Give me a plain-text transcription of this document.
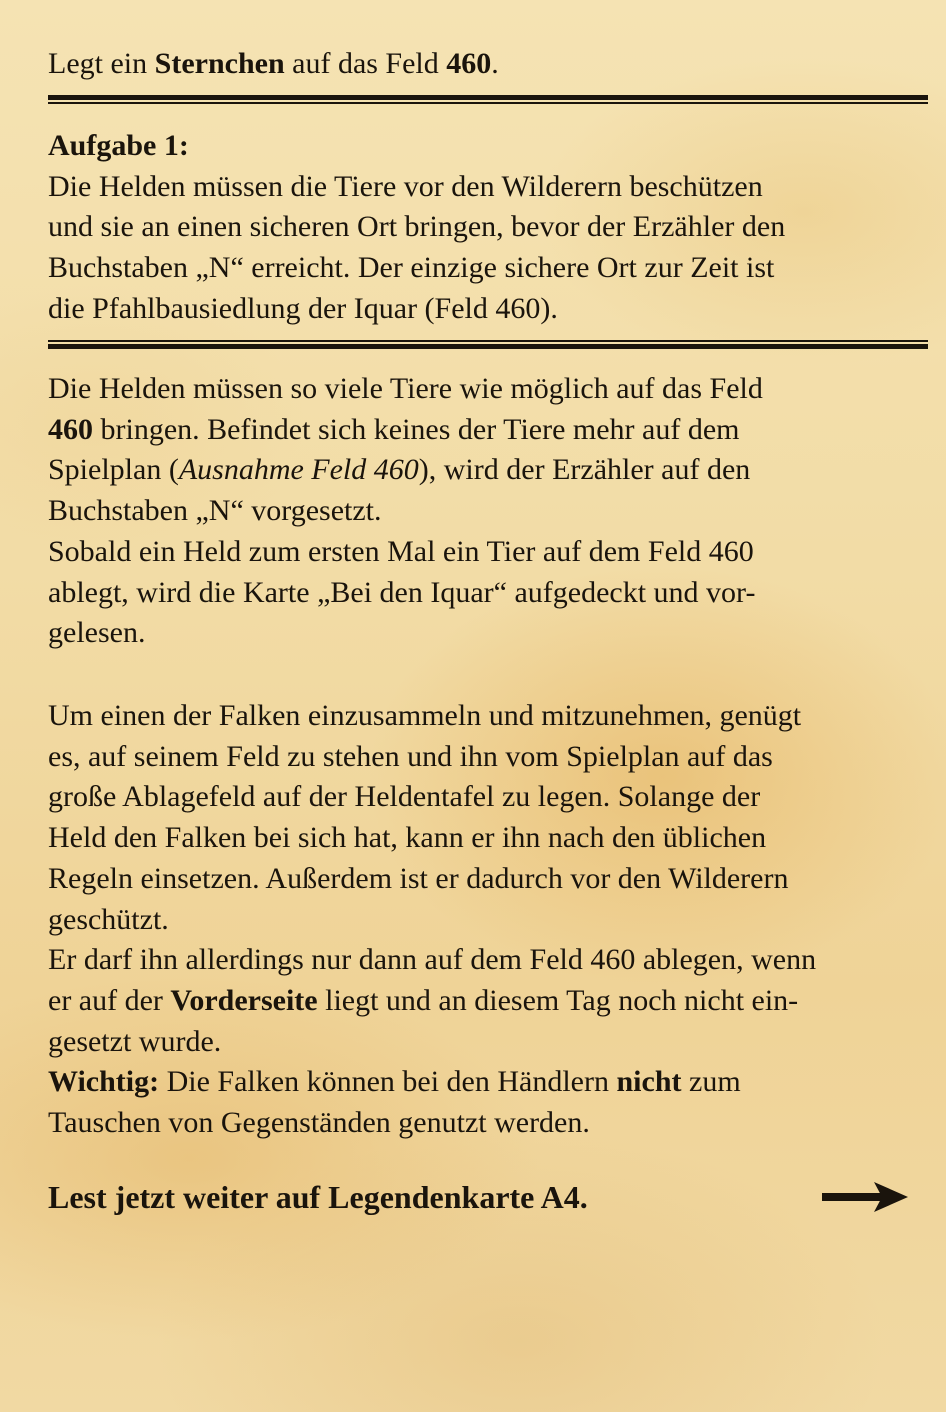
Legt ein Sternchen auf das Feld 460.

Aufgabe 1:
Die Helden müssen die Tiere vor den Wilderern beschützen
und sie an einen sicheren Ort bringen, bevor der Erzähler den
Buchstaben „N“ erreicht. Der einzige sichere Ort zur Zeit ist
die Pfahlbausiedlung der Iquar (Feld 460).
Die Helden müssen so viele Tiere wie möglich auf das Feld
460 bringen. Befindet sich keines der Tiere mehr auf dem
Spielplan (Ausnahme Feld 460), wird der Erzähler auf den
Buchstaben „N“ vorgesetzt.
Sobald ein Held zum ersten Mal ein Tier auf dem Feld 460
ablegt, wird die Karte „Bei den Iquar“ aufgedeckt und vor-
gelesen.
Um einen der Falken einzusammeln und mitzunehmen, genügt
es, auf seinem Feld zu stehen und ihn vom Spielplan auf das
große Ablagefeld auf der Heldentafel zu legen. Solange der
Held den Falken bei sich hat, kann er ihn nach den üblichen
Regeln einsetzen. Außerdem ist er dadurch vor den Wilderern
geschützt.
Er darf ihn allerdings nur dann auf dem Feld 460 ablegen, wenn
er auf der Vorderseite liegt und an diesem Tag noch nicht ein-
gesetzt wurde.
Wichtig: Die Falken können bei den Händlern nicht zum
Tauschen von Gegenständen genutzt werden.
Lest jetzt weiter auf Legendenkarte A4.
